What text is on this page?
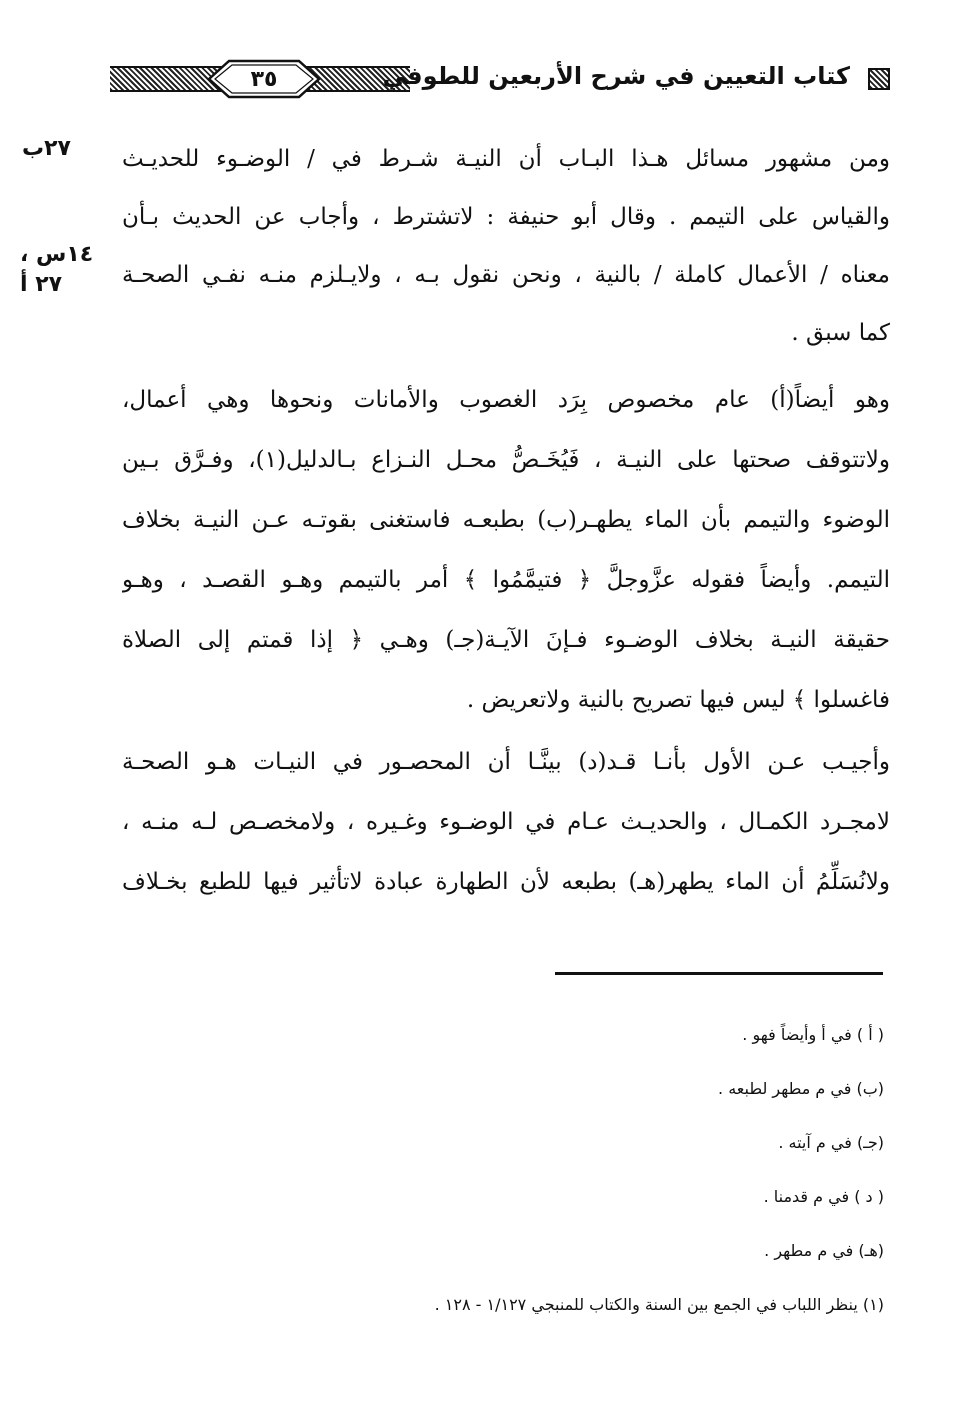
٣٥	كتاب التعيين في شرح الأربعين للطوفي
٢٧ب
١٤س ،
٢٧ أ
ومن مشهور مسائل هـذا البـاب أن النيـة شـرط في / الوضـوء للحديـث
والقياس على التيمم . وقال أبو حنيفة : لاتشترط ، وأجاب عن الحديث بـأن
معناه / الأعمال كاملة / بالنية ، ونحن نقول بـه ، ولايـلزم منـه نفـي الصحـة
كما سبق .
وهو أيضاً(أ) عام مخصوص بِرَد الغصوب والأمانات ونحوها وهي أعمال،
ولاتتوقف صحتها على النيـة ، فَيُخَـصُّ محـل النـزاع بـالدليل(١)، وفـرَّق بـين
الوضوء والتيمم بأن الماء يطهـر(ب) بطبعـه فاستغنى بقوتـه عـن النيـة بخلاف
التيمم. وأيضاً فقوله عزَّوجلَّ ﴿ فتيمَّمُوا ﴾ أمر بالتيمم وهـو القصـد ، وهـو
حقيقة النيـة بخلاف الوضـوء فـإنَ الآيـة(جـ) وهـي ﴿ إذا قمتم إلى الصلاة
فاغسلوا ﴾ ليس فيها تصريح بالنية ولاتعريض .
وأجيـب عـن الأول بأنـا قـد(د) بينَّـا أن المحصـور في النيـات هـو الصحـة
لامجـرد الكمـال ، والحديـث عـام في الوضـوء وغـيره ، ولامخصـص لـه منـه ،
ولانُسَلِّمُ أن الماء يطهر(هـ) بطبعه لأن الطهارة عبادة لاتأثير فيها للطبع بخـلاف
( أ ) في أ وأيضاً فهو .
(ب) في م مطهر لطبعه .
(جـ) في م آيته .
( د ) في م قدمنا .
(هـ) في م مطهر .
(١) ينظر اللباب في الجمع بين السنة والكتاب للمنبجي ١/١٢٧ - ١٢٨ .
